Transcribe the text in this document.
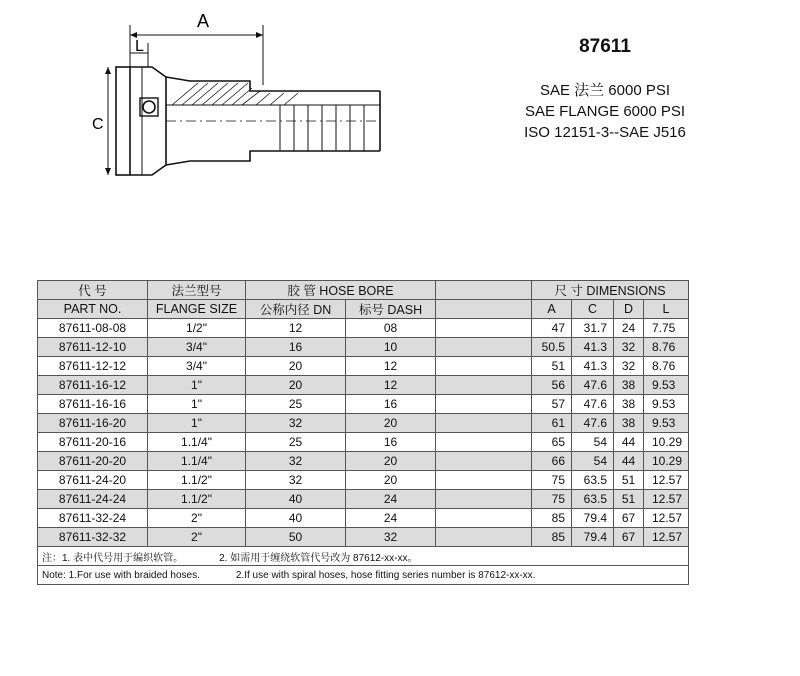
A
L
C
87611
SAE 法兰 6000 PSI
SAE FLANGE 6000 PSI
ISO 12151-3--SAE J516
代 号	法兰型号	胶 管 HOSE BORE			尺 寸 DIMENSIONS			
PART NO.	FLANGE SIZE	公称内径 DN	标号 DASH		A	C	D	L
87611-08-08	1/2"	12	08		47	31.7	24	7.75
87611-12-10	3/4"	16	10		50.5	41.3	32	8.76
87611-12-12	3/4"	20	12		51	41.3	32	8.76
87611-16-12	1"	20	12		56	47.6	38	9.53
87611-16-16	1"	25	16		57	47.6	38	9.53
87611-16-20	1"	32	20		61	47.6	38	9.53
87611-20-16	1.1/4"	25	16		65	54	44	10.29
87611-20-20	1.1/4"	32	20		66	54	44	10.29
87611-24-20	1.1/2"	32	20		75	63.5	51	12.57
87611-24-24	1.1/2"	40	24		75	63.5	51	12.57
87611-32-24	2"	40	24		85	79.4	67	12.57
87611-32-32	2"	50	32		85	79.4	67	12.57
注：1. 表中代号用于编织软管。 2. 如需用于缠绕软管代号改为 87612-xx-xx。								
Note: 1.For use with braided hoses. 2.If use with spiral hoses, hose fitting series number is 87612-xx-xx.								
